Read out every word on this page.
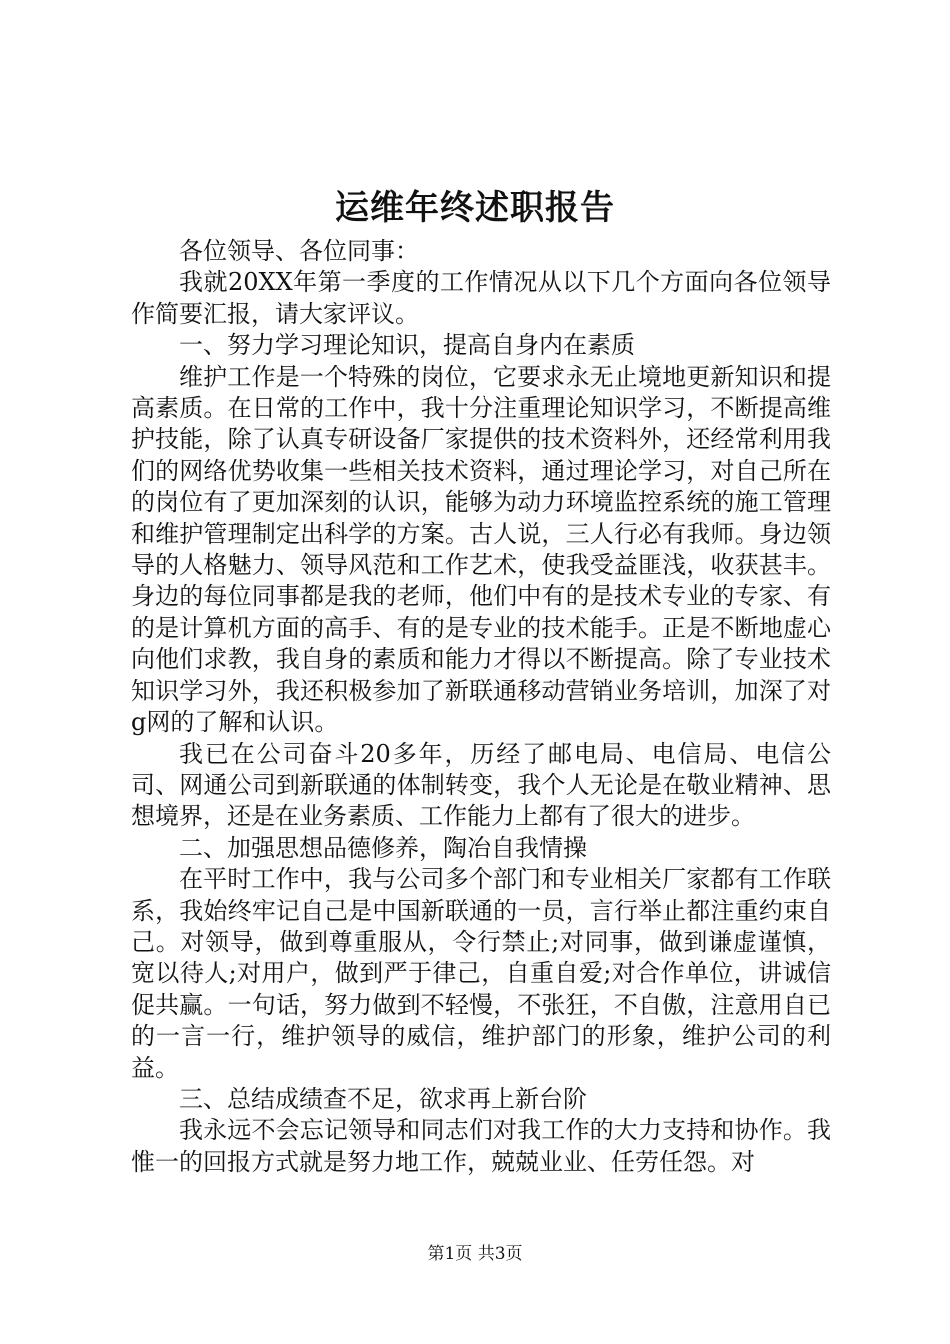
运维年终述职报告

各位领导、各位同事：

我就20XX年第一季度的工作情况从以下几个方面向各位领导作简要汇报，请大家评议。

一、努力学习理论知识，提高自身内在素质

维护工作是一个特殊的岗位，它要求永无止境地更新知识和提高素质。在日常的工作中，我十分注重理论知识学习，不断提高维护技能，除了认真专研设备厂家提供的技术资料外，还经常利用我们的网络优势收集一些相关技术资料，通过理论学习，对自己所在的岗位有了更加深刻的认识，能够为动力环境监控系统的施工管理和维护管理制定出科学的方案。古人说，三人行必有我师。身边领导的人格魅力、领导风范和工作艺术，使我受益匪浅，收获甚丰。身边的每位同事都是我的老师，他们中有的是技术专业的专家、有的是计算机方面的高手、有的是专业的技术能手。正是不断地虚心向他们求教，我自身的素质和能力才得以不断提高。除了专业技术知识学习外，我还积极参加了新联通移动营销业务培训，加深了对g网的了解和认识。

我已在公司奋斗20多年，历经了邮电局、电信局、电信公司、网通公司到新联通的体制转变，我个人无论是在敬业精神、思想境界，还是在业务素质、工作能力上都有了很大的进步。

二、加强思想品德修养，陶冶自我情操

在平时工作中，我与公司多个部门和专业相关厂家都有工作联系，我始终牢记自己是中国新联通的一员，言行举止都注重约束自己。对领导，做到尊重服从，令行禁止;对同事，做到谦虚谨慎，宽以待人;对用户，做到严于律己，自重自爱;对合作单位，讲诚信促共赢。一句话，努力做到不轻慢，不张狂，不自傲，注意用自已的一言一行，维护领导的威信，维护部门的形象，维护公司的利益。

三、总结成绩查不足，欲求再上新台阶

我永远不会忘记领导和同志们对我工作的大力支持和协作。我惟一的回报方式就是努力地工作，兢兢业业、任劳任怨。对

第1页 共3页
